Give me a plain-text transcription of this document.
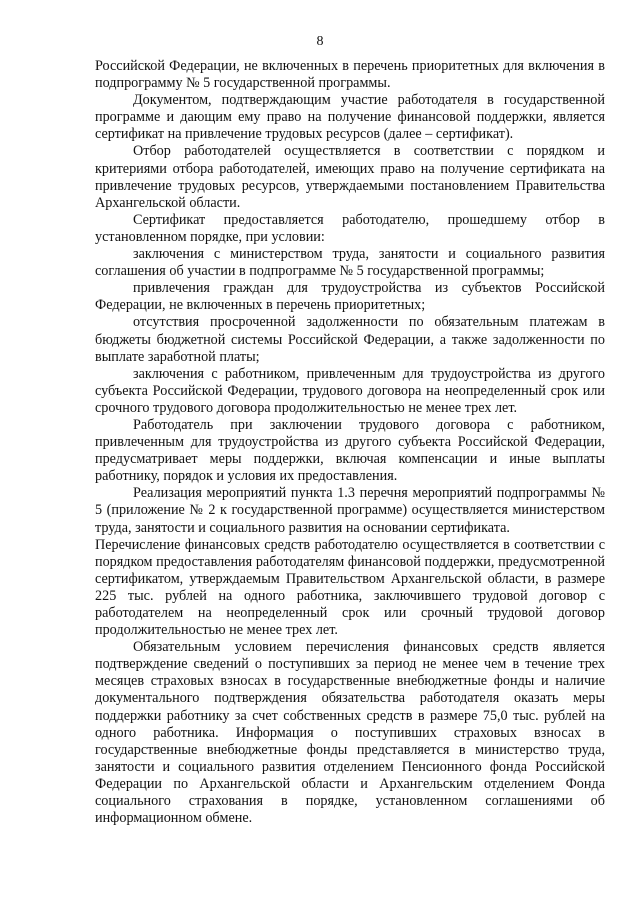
8

Российской Федерации, не включенных в перечень приоритетных для включения в подпрограмму № 5 государственной программы.

Документом, подтверждающим участие работодателя в государственной программе и дающим ему право на получение финансовой поддержки, является сертификат на привлечение трудовых ресурсов (далее – сертификат).

Отбор работодателей осуществляется в соответствии с порядком и критериями отбора работодателей, имеющих право на получение сертификата на привлечение трудовых ресурсов, утверждаемыми постановлением Правительства Архангельской области.

Сертификат предоставляется работодателю, прошедшему отбор в установленном порядке, при условии:

заключения с министерством труда, занятости и социального развития соглашения об участии в подпрограмме № 5 государственной программы;

привлечения граждан для трудоустройства из субъектов Российской Федерации, не включенных в перечень приоритетных;

отсутствия просроченной задолженности по обязательным платежам в бюджеты бюджетной системы Российской Федерации, а также задолженности по выплате заработной платы;

заключения с работником, привлеченным для трудоустройства из другого субъекта Российской Федерации, трудового договора на неопределенный срок или срочного трудового договора продолжительностью не менее трех лет.

Работодатель при заключении трудового договора с работником, привлеченным для трудоустройства из другого субъекта Российской Федерации, предусматривает меры поддержки, включая компенсации и иные выплаты работнику, порядок и условия их предоставления.

Реализация мероприятий пункта 1.3 перечня мероприятий подпрограммы № 5 (приложение № 2 к государственной программе) осуществляется министерством труда, занятости и социального развития на основании сертификата.

Перечисление финансовых средств работодателю осуществляется в соответствии с порядком предоставления работодателям финансовой поддержки, предусмотренной сертификатом, утверждаемым Правительством Архангельской области, в размере 225 тыс. рублей на одного работника, заключившего трудовой договор с работодателем на неопределенный срок или срочный трудовой договор продолжительностью не менее трех лет.

Обязательным условием перечисления финансовых средств является подтверждение сведений о поступивших за период не менее чем в течение трех месяцев страховых взносах в государственные внебюджетные фонды и наличие документального подтверждения обязательства работодателя оказать меры поддержки работнику за счет собственных средств в размере 75,0 тыс. рублей на одного работника. Информация о поступивших страховых взносах в государственные внебюджетные фонды представляется в министерство труда, занятости и социального развития отделением Пенсионного фонда Российской Федерации по Архангельской области и Архангельским отделением Фонда социального страхования в порядке, установленном соглашениями об информационном обмене.
